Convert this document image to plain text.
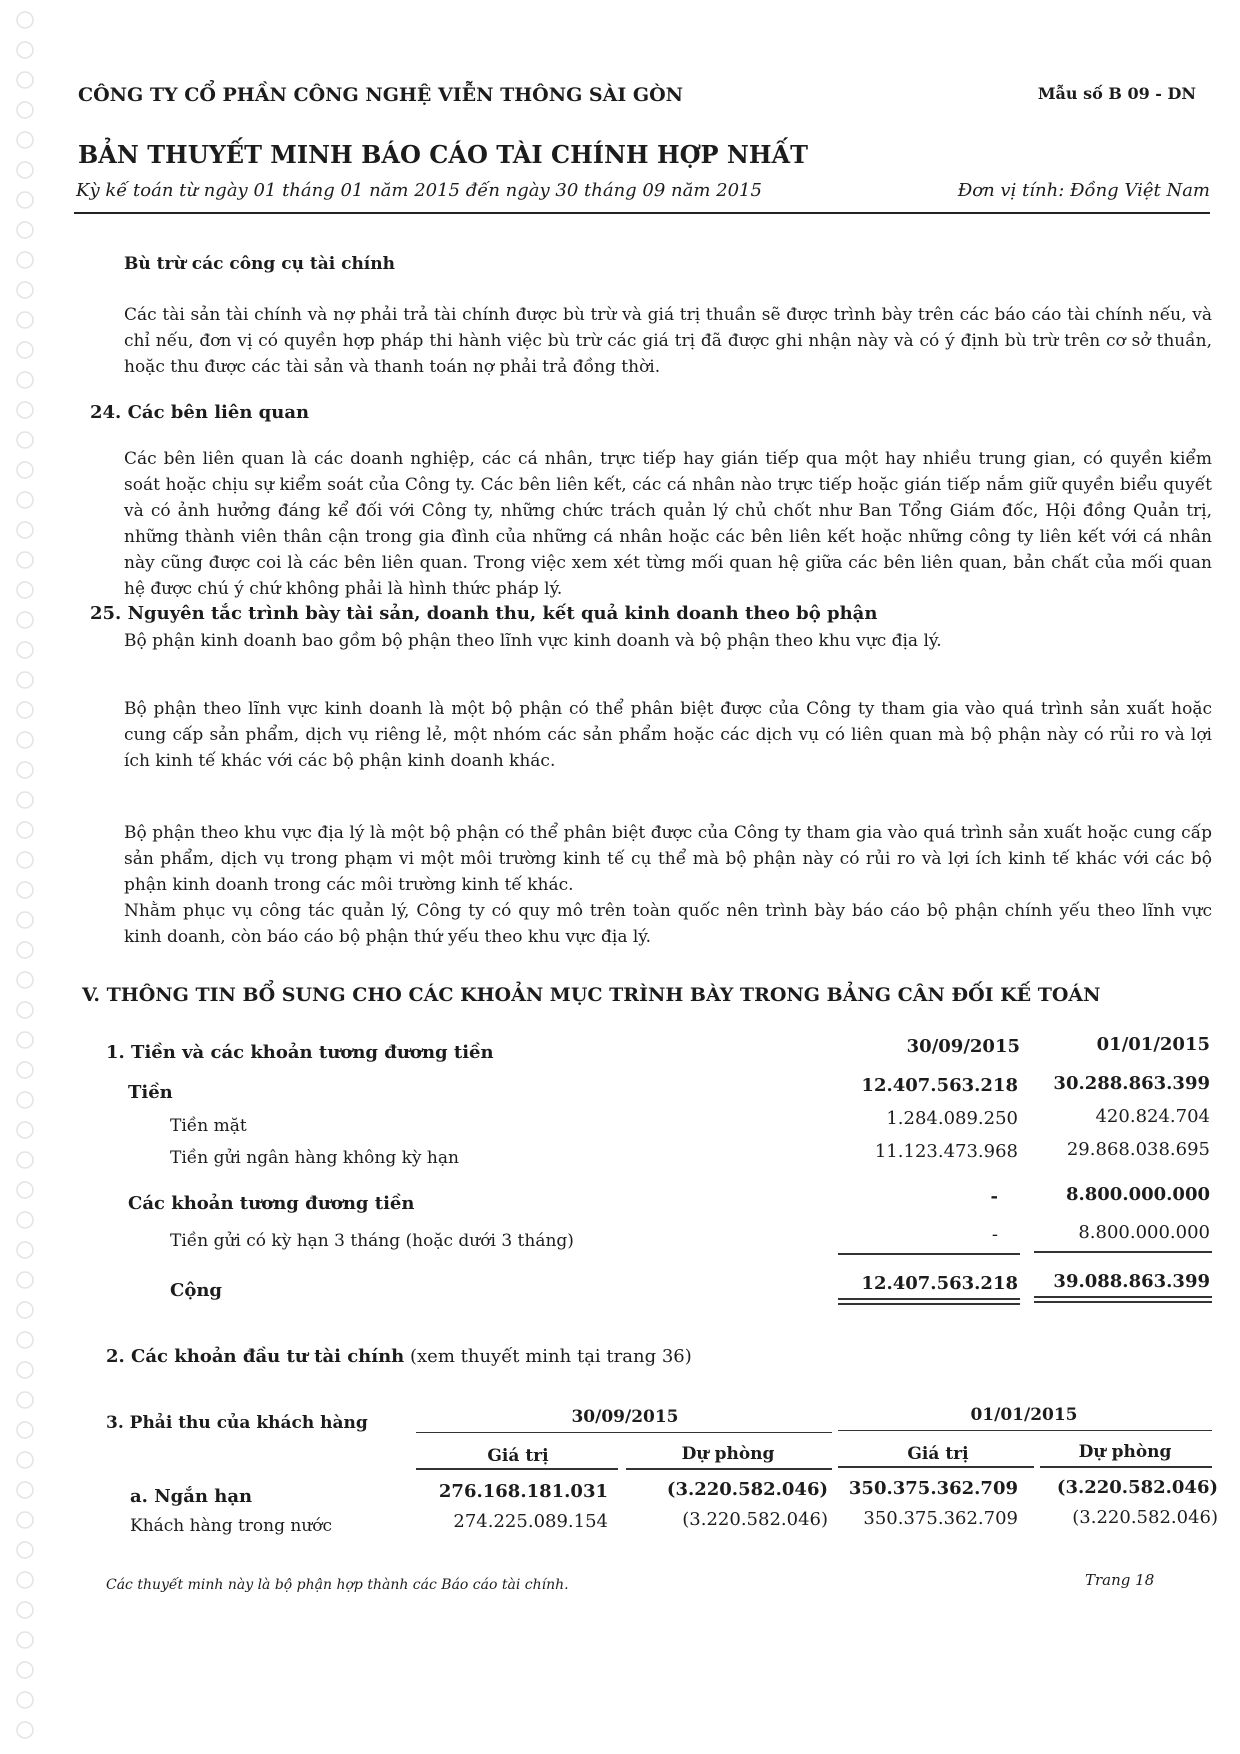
CÔNG TY CỔ PHẦN CÔNG NGHỆ VIỄN THÔNG SÀI GÒN	Mẫu số B 09 - DN
BẢN THUYẾT MINH BÁO CÁO TÀI CHÍNH HỢP NHẤT
Kỳ kế toán từ ngày 01 tháng 01 năm 2015 đến ngày 30 tháng 09 năm 2015	Đơn vị tính: Đồng Việt Nam
Bù trừ các công cụ tài chính
Các tài sản tài chính và nợ phải trả tài chính được bù trừ và giá trị thuần sẽ được trình bày trên các báo cáo tài chính nếu, và chỉ nếu, đơn vị có quyền hợp pháp thi hành việc bù trừ các giá trị đã được ghi nhận này và có ý định bù trừ trên cơ sở thuần, hoặc thu được các tài sản và thanh toán nợ phải trả đồng thời.
24. Các bên liên quan
Các bên liên quan là các doanh nghiệp, các cá nhân, trực tiếp hay gián tiếp qua một hay nhiều trung gian, có quyền kiểm soát hoặc chịu sự kiểm soát của Công ty. Các bên liên kết, các cá nhân nào trực tiếp hoặc gián tiếp nắm giữ quyền biểu quyết và có ảnh hưởng đáng kể đối với Công ty, những chức trách quản lý chủ chốt như Ban Tổng Giám đốc, Hội đồng Quản trị, những thành viên thân cận trong gia đình của những cá nhân hoặc các bên liên kết hoặc những công ty liên kết với cá nhân này cũng được coi là các bên liên quan. Trong việc xem xét từng mối quan hệ giữa các bên liên quan, bản chất của mối quan hệ được chú ý chứ không phải là hình thức pháp lý.
25. Nguyên tắc trình bày tài sản, doanh thu, kết quả kinh doanh theo bộ phận
Bộ phận kinh doanh bao gồm bộ phận theo lĩnh vực kinh doanh và bộ phận theo khu vực địa lý.
Bộ phận theo lĩnh vực kinh doanh là một bộ phận có thể phân biệt được của Công ty tham gia vào quá trình sản xuất hoặc cung cấp sản phẩm, dịch vụ riêng lẻ, một nhóm các sản phẩm hoặc các dịch vụ có liên quan mà bộ phận này có rủi ro và lợi ích kinh tế khác với các bộ phận kinh doanh khác.
Bộ phận theo khu vực địa lý là một bộ phận có thể phân biệt được của Công ty tham gia vào quá trình sản xuất hoặc cung cấp sản phẩm, dịch vụ trong phạm vi một môi trường kinh tế cụ thể mà bộ phận này có rủi ro và lợi ích kinh tế khác với các bộ phận kinh doanh trong các môi trường kinh tế khác.
Nhằm phục vụ công tác quản lý, Công ty có quy mô trên toàn quốc nên trình bày báo cáo bộ phận chính yếu theo lĩnh vực kinh doanh, còn báo cáo bộ phận thứ yếu theo khu vực địa lý.
V. THÔNG TIN BỔ SUNG CHO CÁC KHOẢN MỤC TRÌNH BÀY TRONG BẢNG CÂN ĐỐI KẾ TOÁN
1. Tiền và các khoản tương đương tiền	30/09/2015	01/01/2015
Tiền	12.407.563.218	30.288.863.399
Tiền mặt	1.284.089.250	420.824.704
Tiền gửi ngân hàng không kỳ hạn	11.123.473.968	29.868.038.695
Các khoản tương đương tiền	-	8.800.000.000
Tiền gửi có kỳ hạn 3 tháng (hoặc dưới 3 tháng)	-	8.800.000.000
Cộng	12.407.563.218	39.088.863.399
2. Các khoản đầu tư tài chính (xem thuyết minh tại trang 36)
3. Phải thu của khách hàng	30/09/2015	01/01/2015
Giá trị	Dự phòng	Giá trị	Dự phòng
a. Ngắn hạn	276.168.181.031	(3.220.582.046)	350.375.362.709	(3.220.582.046)
Khách hàng trong nước	274.225.089.154	(3.220.582.046)	350.375.362.709	(3.220.582.046)
Các thuyết minh này là bộ phận hợp thành các Báo cáo tài chính.	Trang 18
